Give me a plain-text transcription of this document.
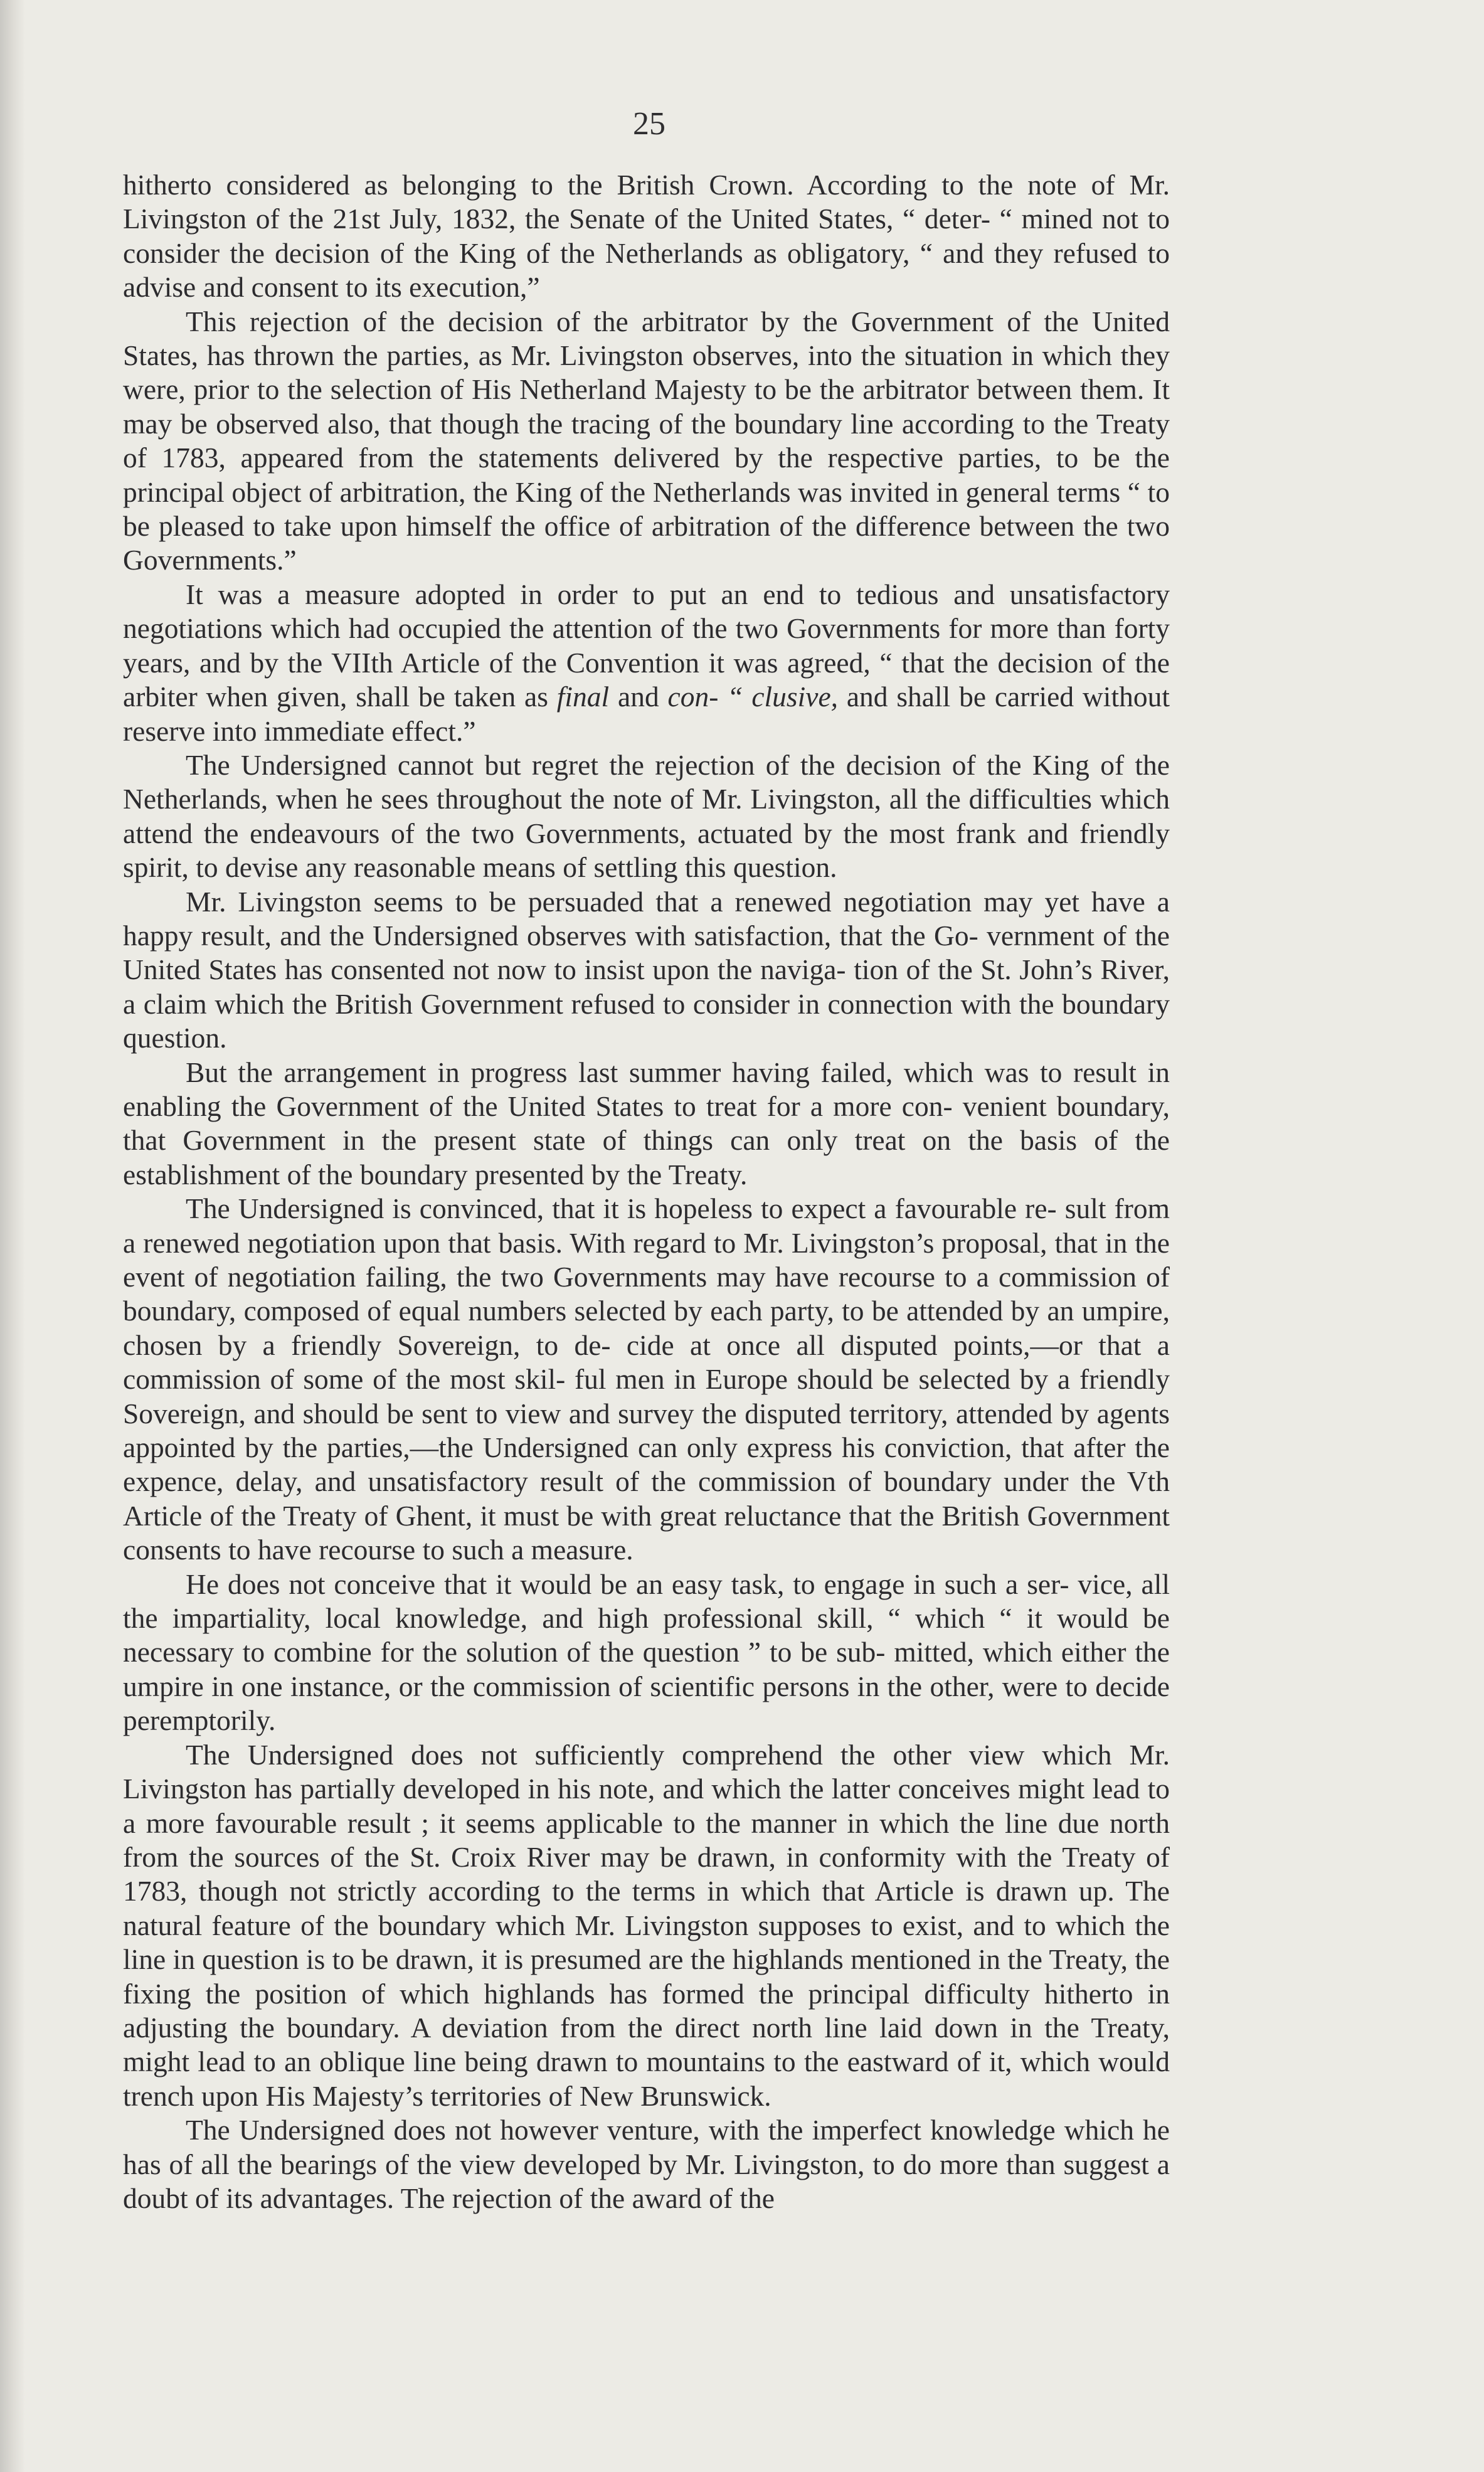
25

hitherto considered as belonging to the British Crown. According to the note of Mr. Livingston of the 21st July, 1832, the Senate of the United States, “ deter- “ mined not to consider the decision of the King of the Netherlands as obligatory, “ and they refused to advise and consent to its execution,”

This rejection of the decision of the arbitrator by the Government of the United States, has thrown the parties, as Mr. Livingston observes, into the situation in which they were, prior to the selection of His Netherland Majesty to be the arbitrator between them. It may be observed also, that though the tracing of the boundary line according to the Treaty of 1783, appeared from the statements delivered by the respective parties, to be the principal object of arbitration, the King of the Netherlands was invited in general terms “ to be pleased to take upon himself the office of arbitration of the difference between the two Governments.”

It was a measure adopted in order to put an end to tedious and unsatisfactory negotiations which had occupied the attention of the two Governments for more than forty years, and by the VIIth Article of the Convention it was agreed, “ that the decision of the arbiter when given, shall be taken as final and con- “ clusive, and shall be carried without reserve into immediate effect.”

The Undersigned cannot but regret the rejection of the decision of the King of the Netherlands, when he sees throughout the note of Mr. Livingston, all the difficulties which attend the endeavours of the two Governments, actuated by the most frank and friendly spirit, to devise any reasonable means of settling this question.

Mr. Livingston seems to be persuaded that a renewed negotiation may yet have a happy result, and the Undersigned observes with satisfaction, that the Go- vernment of the United States has consented not now to insist upon the naviga- tion of the St. John’s River, a claim which the British Government refused to consider in connection with the boundary question.

But the arrangement in progress last summer having failed, which was to result in enabling the Government of the United States to treat for a more con- venient boundary, that Government in the present state of things can only treat on the basis of the establishment of the boundary presented by the Treaty.

The Undersigned is convinced, that it is hopeless to expect a favourable re- sult from a renewed negotiation upon that basis. With regard to Mr. Livingston’s proposal, that in the event of negotiation failing, the two Governments may have recourse to a commission of boundary, composed of equal numbers selected by each party, to be attended by an umpire, chosen by a friendly Sovereign, to de- cide at once all disputed points,—or that a commission of some of the most skil- ful men in Europe should be selected by a friendly Sovereign, and should be sent to view and survey the disputed territory, attended by agents appointed by the parties,—the Undersigned can only express his conviction, that after the expence, delay, and unsatisfactory result of the commission of boundary under the Vth Article of the Treaty of Ghent, it must be with great reluctance that the British Government consents to have recourse to such a measure.

He does not conceive that it would be an easy task, to engage in such a ser- vice, all the impartiality, local knowledge, and high professional skill, “ which “ it would be necessary to combine for the solution of the question ” to be sub- mitted, which either the umpire in one instance, or the commission of scientific persons in the other, were to decide peremptorily.

The Undersigned does not sufficiently comprehend the other view which Mr. Livingston has partially developed in his note, and which the latter conceives might lead to a more favourable result ; it seems applicable to the manner in which the line due north from the sources of the St. Croix River may be drawn, in conformity with the Treaty of 1783, though not strictly according to the terms in which that Article is drawn up. The natural feature of the boundary which Mr. Livingston supposes to exist, and to which the line in question is to be drawn, it is presumed are the highlands mentioned in the Treaty, the fixing the position of which highlands has formed the principal difficulty hitherto in adjusting the boundary. A deviation from the direct north line laid down in the Treaty, might lead to an oblique line being drawn to mountains to the eastward of it, which would trench upon His Majesty’s territories of New Brunswick.

The Undersigned does not however venture, with the imperfect knowledge which he has of all the bearings of the view developed by Mr. Livingston, to do more than suggest a doubt of its advantages. The rejection of the award of the
